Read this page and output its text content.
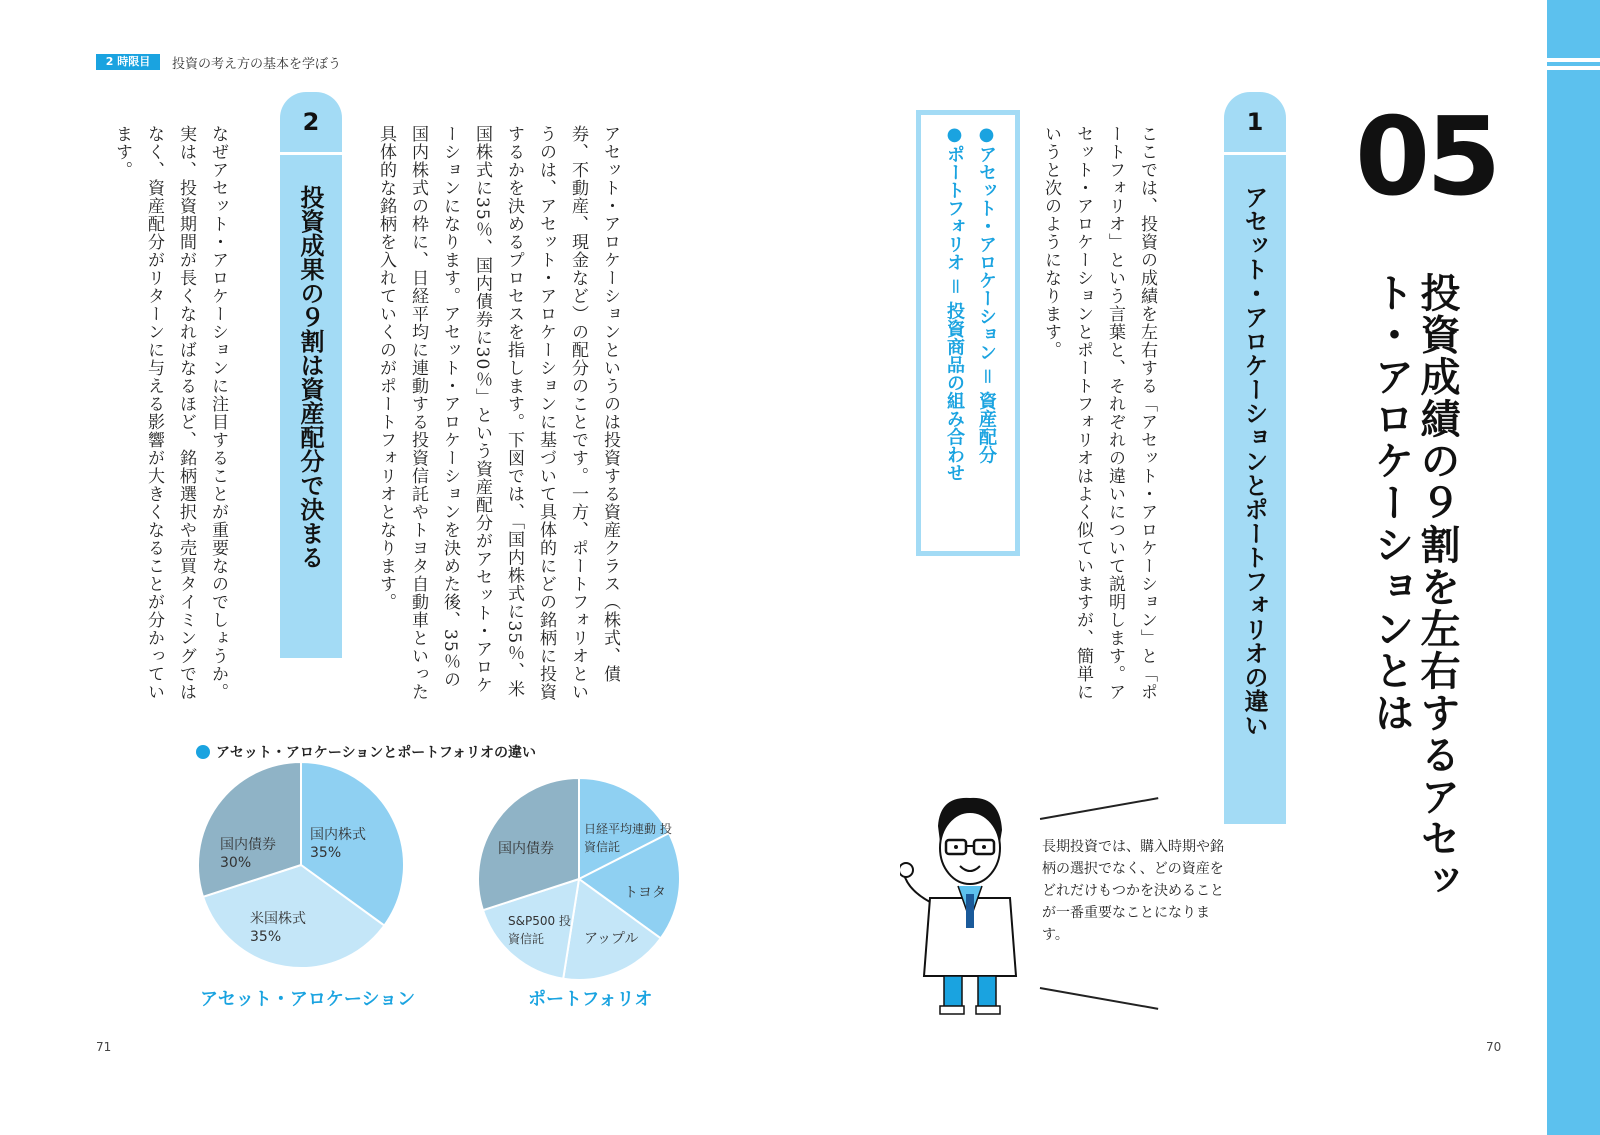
2 時限目	投資の考え方の基本を学ぼう
05
投資成績の９割を左右するアセット・アロケーションとは
1
アセット・アロケーションとポートフォリオの違い
ここでは、投資の成績を左右する「アセット・アロケーション」と「ポートフォリオ」という言葉と、それぞれの違いについて説明します。アセット・アロケーションとポートフォリオはよく似ていますが、簡単にいうと次のようになります。
●アセット・アロケーション ＝ 資産配分
●ポートフォリオ ＝ 投資商品の組み合わせ
アセット・アロケーションというのは投資する資産クラス（株式、債券、不動産、現金など）の配分のことです。一方、ポートフォリオというのは、アセット・アロケーションに基づいて具体的にどの銘柄に投資するかを決めるプロセスを指します。下図では、「国内株式に35％、米国株式に35％、国内債券に30％」という資産配分がアセット・アロケーションになります。アセット・アロケーションを決めた後、35％の国内株式の枠に、日経平均に連動する投資信託やトヨタ自動車といった具体的な銘柄を入れていくのがポートフォリオとなります。
2
投資成果の９割は資産配分で決まる
なぜアセット・アロケーションに注目することが重要なのでしょうか。実は、投資期間が長くなればなるほど、銘柄選択や売買タイミングではなく、資産配分がリターンに与える影響が大きくなることが分かっています。
アセット・アロケーションとポートフォリオの違い
国内株式
35%
米国株式
35%
国内債券
30%
アセット・アロケーション
日経平均連動 投資信託
トヨタ
アップル
S&P500 投資信託
国内債券
ポートフォリオ
長期投資では、購入時期や銘柄の選択でなく、どの資産をどれだけもつかを決めることが一番重要なことになります。
71	70
